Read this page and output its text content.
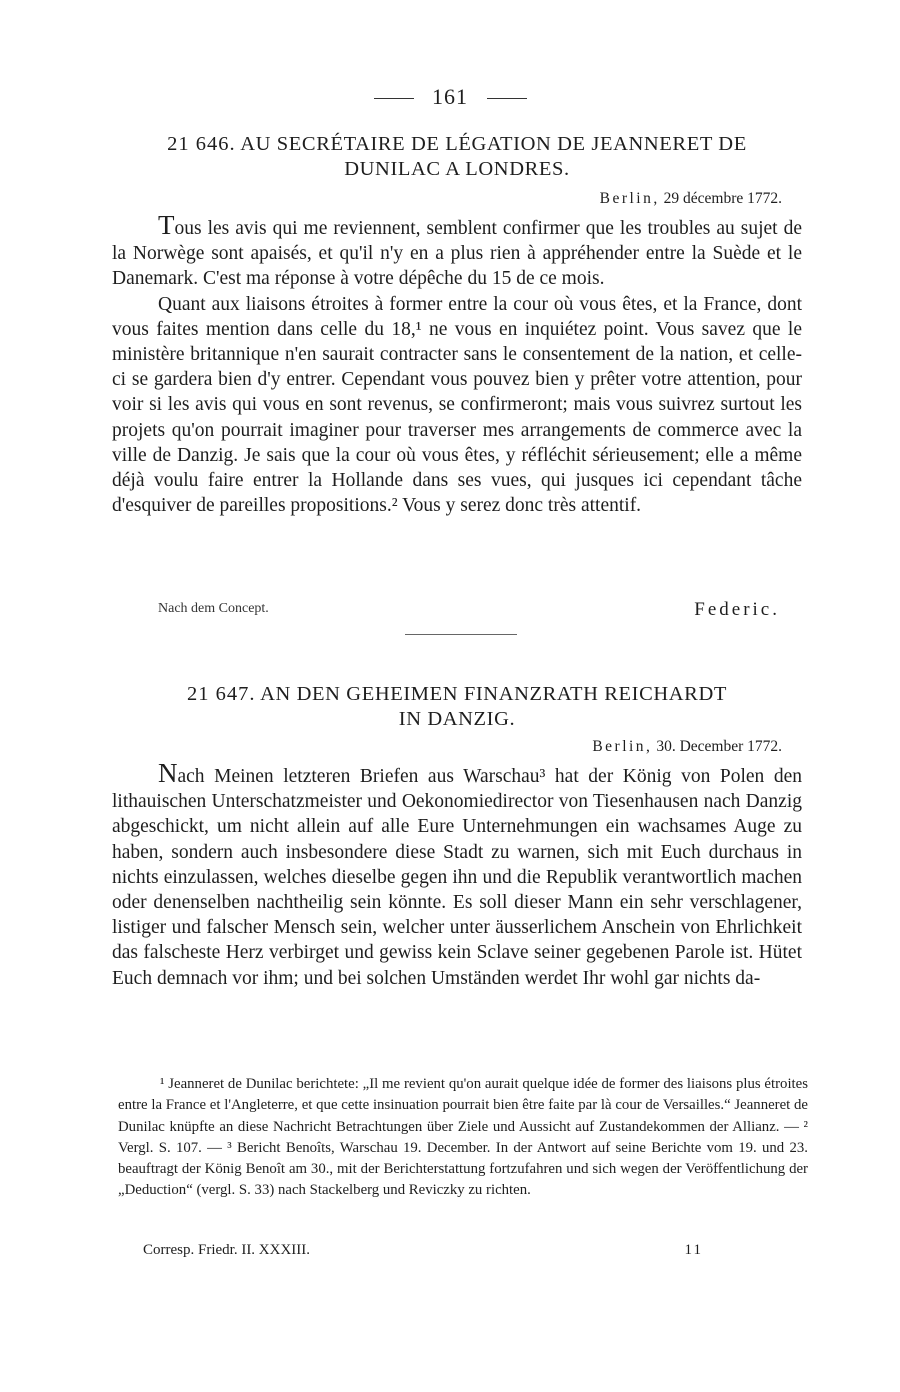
161
21 646. AU SECRÉTAIRE DE LÉGATION DE JEANNERET DE
DUNILAC A LONDRES.
Berlin, 29 décembre 1772.

Tous les avis qui me reviennent, semblent confirmer que les troubles au sujet de la Norwège sont apaisés, et qu'il n'y en a plus rien à appréhender entre la Suède et le Danemark. C'est ma réponse à votre dépêche du 15 de ce mois.

Quant aux liaisons étroites à former entre la cour où vous êtes, et la France, dont vous faites mention dans celle du 18,¹ ne vous en inquiétez point. Vous savez que le ministère britannique n'en saurait contracter sans le consentement de la nation, et celle-ci se gardera bien d'y entrer. Cependant vous pouvez bien y prêter votre attention, pour voir si les avis qui vous en sont revenus, se confirmeront; mais vous suivrez surtout les projets qu'on pourrait imaginer pour traverser mes arrangements de commerce avec la ville de Danzig. Je sais que la cour où vous êtes, y réfléchit sérieusement; elle a même déjà voulu faire entrer la Hollande dans ses vues, qui jusques ici cependant tâche d'esquiver de pareilles propositions.² Vous y serez donc très attentif.

Nach dem Concept.	Federic.
21 647. AN DEN GEHEIMEN FINANZRATH REICHARDT
IN DANZIG.
Berlin, 30. December 1772.

Nach Meinen letzteren Briefen aus Warschau³ hat der König von Polen den lithauischen Unterschatzmeister und Oekonomiedirector von Tiesenhausen nach Danzig abgeschickt, um nicht allein auf alle Eure Unternehmungen ein wachsames Auge zu haben, sondern auch insbesondere diese Stadt zu warnen, sich mit Euch durchaus in nichts einzulassen, welches dieselbe gegen ihn und die Republik verantwortlich machen oder denenselben nachtheilig sein könnte. Es soll dieser Mann ein sehr verschlagener, listiger und falscher Mensch sein, welcher unter äusserlichem Anschein von Ehrlichkeit das falscheste Herz verbirget und gewiss kein Sclave seiner gegebenen Parole ist. Hütet Euch demnach vor ihm; und bei solchen Umständen werdet Ihr wohl gar nichts da-

¹ Jeanneret de Dunilac berichtete: „Il me revient qu'on aurait quelque idée de former des liaisons plus étroites entre la France et l'Angleterre, et que cette insinuation pourrait bien être faite par là cour de Versailles.“ Jeanneret de Dunilac knüpfte an diese Nachricht Betrachtungen über Ziele und Aussicht auf Zustandekommen der Allianz. — ² Vergl. S. 107. — ³ Bericht Benoîts, Warschau 19. December. In der Antwort auf seine Berichte vom 19. und 23. beauftragt der König Benoît am 30., mit der Berichterstattung fortzufahren und sich wegen der Veröffentlichung der „Deduction“ (vergl. S. 33) nach Stackelberg und Reviczky zu richten.

Corresp. Friedr. II. XXXIII.	11
